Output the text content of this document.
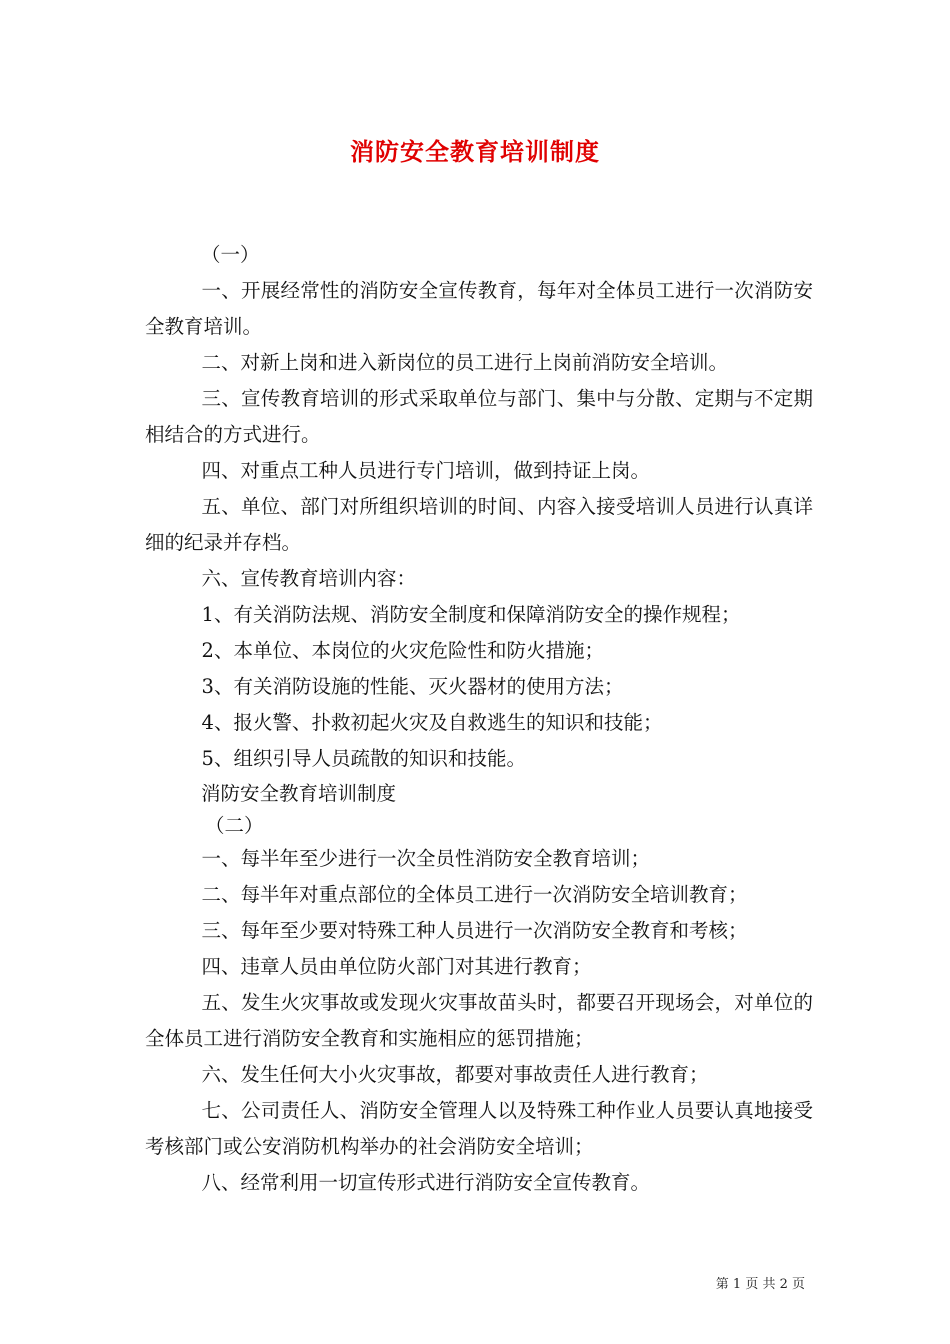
消防安全教育培训制度

（一）

一、开展经常性的消防安全宣传教育，每年对全体员工进行一次消防安全教育培训。

二、对新上岗和进入新岗位的员工进行上岗前消防安全培训。

三、宣传教育培训的形式采取单位与部门、集中与分散、定期与不定期相结合的方式进行。

四、对重点工种人员进行专门培训，做到持证上岗。

五、单位、部门对所组织培训的时间、内容入接受培训人员进行认真详细的纪录并存档。

六、宣传教育培训内容：

1、有关消防法规、消防安全制度和保障消防安全的操作规程；

2、本单位、本岗位的火灾危险性和防火措施；

3、有关消防设施的性能、灭火器材的使用方法；

4、报火警、扑救初起火灾及自救逃生的知识和技能；

5、组织引导人员疏散的知识和技能。

消防安全教育培训制度

（二）

一、每半年至少进行一次全员性消防安全教育培训；

二、每半年对重点部位的全体员工进行一次消防安全培训教育；

三、每年至少要对特殊工种人员进行一次消防安全教育和考核；

四、违章人员由单位防火部门对其进行教育；

五、发生火灾事故或发现火灾事故苗头时，都要召开现场会，对单位的全体员工进行消防安全教育和实施相应的惩罚措施；

六、发生任何大小火灾事故，都要对事故责任人进行教育；

七、公司责任人、消防安全管理人以及特殊工种作业人员要认真地接受考核部门或公安消防机构举办的社会消防安全培训；

八、经常利用一切宣传形式进行消防安全宣传教育。

第 1 页 共 2 页
